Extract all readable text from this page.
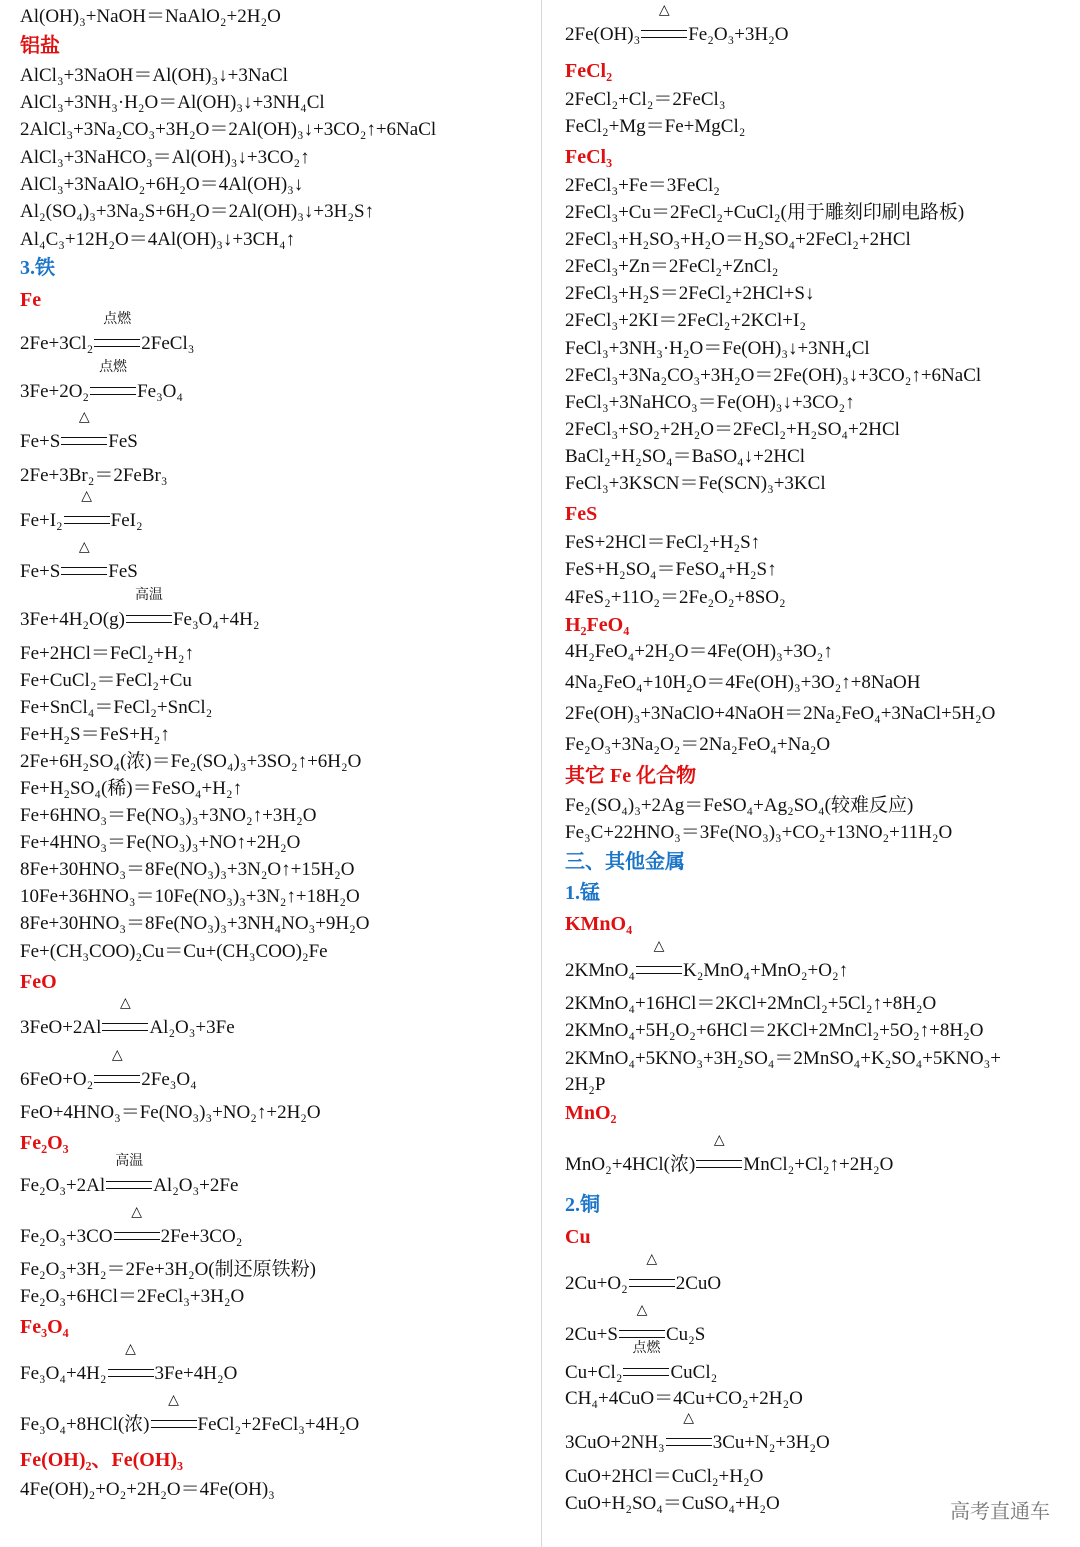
Al(OH)₃+NaOH＝NaAlO₂+2H₂O
铝盐
AlCl₃+3NaOH＝Al(OH)₃↓+3NaCl
AlCl₃+3NH₃·H₂O＝Al(OH)₃↓+3NH₄Cl
2AlCl₃+3Na₂CO₃+3H₂O＝2Al(OH)₃↓+3CO₂↑+6NaCl
AlCl₃+3NaHCO₃＝Al(OH)₃↓+3CO₂↑
AlCl₃+3NaAlO₂+6H₂O＝4Al(OH)₃↓
Al₂(SO₄)₃+3Na₂S+6H₂O＝2Al(OH)₃↓+3H₂S↑
Al₄C₃+12H₂O＝4Al(OH)₃↓+3CH₄↑
3.铁
Fe
2Fe+3Cl₂
点燃
2FeCl₃
3Fe+2O₂
点燃
Fe₃O₄
Fe+S
△
FeS
2Fe+3Br₂＝2FeBr₃
Fe+I₂
△
FeI₂
Fe+S
△
FeS
3Fe+4H₂O(g)
高温
Fe₃O₄+4H₂
Fe+2HCl＝FeCl₂+H₂↑
Fe+CuCl₂＝FeCl₂+Cu
Fe+SnCl₄＝FeCl₂+SnCl₂
Fe+H₂S＝FeS+H₂↑
2Fe+6H₂SO₄(浓)＝Fe₂(SO₄)₃+3SO₂↑+6H₂O
Fe+H₂SO₄(稀)＝FeSO₄+H₂↑
Fe+6HNO₃＝Fe(NO₃)₃+3NO₂↑+3H₂O
Fe+4HNO₃＝Fe(NO₃)₃+NO↑+2H₂O
8Fe+30HNO₃＝8Fe(NO₃)₃+3N₂O↑+15H₂O
10Fe+36HNO₃＝10Fe(NO₃)₃+3N₂↑+18H₂O
8Fe+30HNO₃＝8Fe(NO₃)₃+3NH₄NO₃+9H₂O
Fe+(CH₃COO)₂Cu＝Cu+(CH₃COO)₂Fe
FeO
3FeO+2Al
△
Al₂O₃+3Fe
6FeO+O₂
△
2Fe₃O₄
FeO+4HNO₃＝Fe(NO₃)₃+NO₂↑+2H₂O
Fe₂O₃
Fe₂O₃+2Al
高温
Al₂O₃+2Fe
Fe₂O₃+3CO
△
2Fe+3CO₂
Fe₂O₃+3H₂＝2Fe+3H₂O(制还原铁粉)
Fe₂O₃+6HCl＝2FeCl₃+3H₂O
Fe₃O₄
Fe₃O₄+4H₂
△
3Fe+4H₂O
Fe₃O₄+8HCl(浓)
△
FeCl₂+2FeCl₃+4H₂O
Fe(OH)₂、Fe(OH)₃
4Fe(OH)₂+O₂+2H₂O＝4Fe(OH)₃
2Fe(OH)₃
△
Fe₂O₃+3H₂O
FeCl₂
2FeCl₂+Cl₂＝2FeCl₃
FeCl₂+Mg＝Fe+MgCl₂
FeCl₃
2FeCl₃+Fe＝3FeCl₂
2FeCl₃+Cu＝2FeCl₂+CuCl₂(用于雕刻印刷电路板)
2FeCl₃+H₂SO₃+H₂O＝H₂SO₄+2FeCl₂+2HCl
2FeCl₃+Zn＝2FeCl₂+ZnCl₂
2FeCl₃+H₂S＝2FeCl₂+2HCl+S↓
2FeCl₃+2KI＝2FeCl₂+2KCl+I₂
FeCl₃+3NH₃·H₂O＝Fe(OH)₃↓+3NH₄Cl
2FeCl₃+3Na₂CO₃+3H₂O＝2Fe(OH)₃↓+3CO₂↑+6NaCl
FeCl₃+3NaHCO₃＝Fe(OH)₃↓+3CO₂↑
2FeCl₃+SO₂+2H₂O＝2FeCl₂+H₂SO₄+2HCl
BaCl₂+H₂SO₄＝BaSO₄↓+2HCl
FeCl₃+3KSCN＝Fe(SCN)₃+3KCl
FeS
FeS+2HCl＝FeCl₂+H₂S↑
FeS+H₂SO₄＝FeSO₄+H₂S↑
4FeS₂+11O₂＝2Fe₂O₂+8SO₂
H₂FeO₄
4H₂FeO₄+2H₂O＝4Fe(OH)₃+3O₂↑
4Na₂FeO₄+10H₂O＝4Fe(OH)₃+3O₂↑+8NaOH
2Fe(OH)₃+3NaClO+4NaOH＝2Na₂FeO₄+3NaCl+5H₂O
Fe₂O₃+3Na₂O₂＝2Na₂FeO₄+Na₂O
其它 Fe 化合物
Fe₂(SO₄)₃+2Ag＝FeSO₄+Ag₂SO₄(较难反应)
Fe₃C+22HNO₃＝3Fe(NO₃)₃+CO₂+13NO₂+11H₂O
三、其他金属
1.锰
KMnO₄
2KMnO₄
△
K₂MnO₄+MnO₂+O₂↑
2KMnO₄+16HCl＝2KCl+2MnCl₂+5Cl₂↑+8H₂O
2KMnO₄+5H₂O₂+6HCl＝2KCl+2MnCl₂+5O₂↑+8H₂O
2KMnO₄+5KNO₃+3H₂SO₄＝2MnSO₄+K₂SO₄+5KNO₃+
2H₂P
MnO₂
MnO₂+4HCl(浓)
△
MnCl₂+Cl₂↑+2H₂O
2.铜
Cu
2Cu+O₂
△
2CuO
2Cu+S
△
Cu₂S
Cu+Cl₂
点燃
CuCl₂
CH₄+4CuO＝4Cu+CO₂+2H₂O
3CuO+2NH₃
△
3Cu+N₂+3H₂O
CuO+2HCl＝CuCl₂+H₂O
CuO+H₂SO₄＝CuSO₄+H₂O	高考直通车
